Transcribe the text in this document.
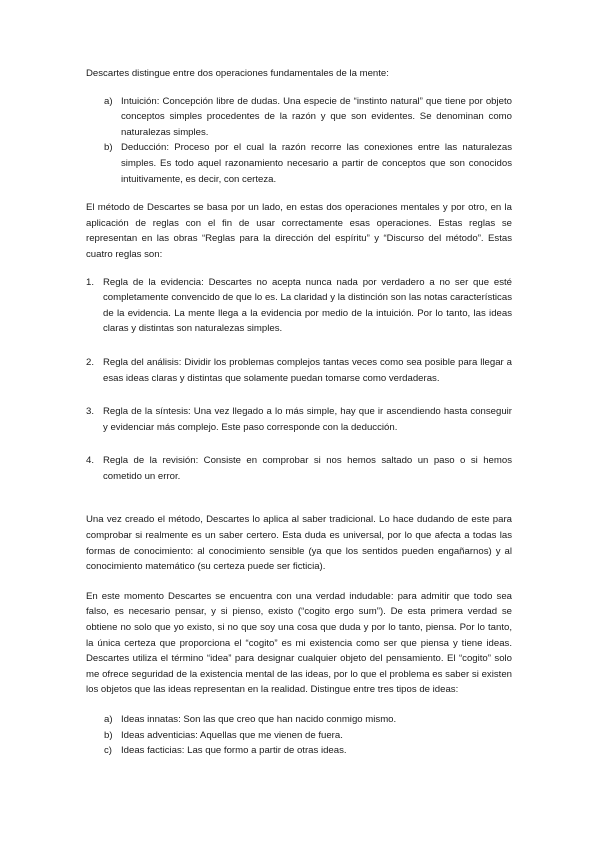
Descartes distingue entre dos operaciones fundamentales de la mente:

a) Intuición: Concepción libre de dudas. Una especie de “instinto natural” que tiene por objeto conceptos simples procedentes de la razón y que son evidentes. Se denominan como naturalezas simples.
b) Deducción: Proceso por el cual la razón recorre las conexiones entre las naturalezas simples. Es todo aquel razonamiento necesario a partir de conceptos que son conocidos intuitivamente, es decir, con certeza.

El método de Descartes se basa por un lado, en estas dos operaciones mentales y por otro, en la aplicación de reglas con el fin de usar correctamente esas operaciones. Estas reglas se representan en las obras “Reglas para la dirección del espíritu” y “Discurso del método”. Estas cuatro reglas son:

1. Regla de la evidencia: Descartes no acepta nunca nada por verdadero a no ser que esté completamente convencido de que lo es. La claridad y la distinción son las notas características de la evidencia. La mente llega a la evidencia por medio de la intuición. Por lo tanto, las ideas claras y distintas son naturalezas simples.
2. Regla del análisis: Dividir los problemas complejos tantas veces como sea posible para llegar a esas ideas claras y distintas que solamente puedan tomarse como verdaderas.
3. Regla de la síntesis: Una vez llegado a lo más simple, hay que ir ascendiendo hasta conseguir y evidenciar más complejo. Este paso corresponde con la deducción.
4. Regla de la revisión: Consiste en comprobar si nos hemos saltado un paso o si hemos cometido un error.

Una vez creado el método, Descartes lo aplica al saber tradicional. Lo hace dudando de este para comprobar si realmente es un saber certero. Esta duda es universal, por lo que afecta a todas las formas de conocimiento: al conocimiento sensible (ya que los sentidos pueden engañarnos) y al conocimiento matemático (su certeza puede ser ficticia).

En este momento Descartes se encuentra con una verdad indudable: para admitir que todo sea falso, es necesario pensar, y si pienso, existo (“cogito ergo sum”). De esta primera verdad se obtiene no solo que yo existo, si no que soy una cosa que duda y por lo tanto, piensa. Por lo tanto, la única certeza que proporciona el “cogito” es mi existencia como ser que piensa y tiene ideas. Descartes utiliza el término “idea” para designar cualquier objeto del pensamiento. El “cogito” solo me ofrece seguridad de la existencia mental de las ideas, por lo que el problema es saber si existen los objetos que las ideas representan en la realidad. Distingue entre tres tipos de ideas:

a) Ideas innatas: Son las que creo que han nacido conmigo mismo.
b) Ideas adventicias: Aquellas que me vienen de fuera.
c) Ideas facticias: Las que formo a partir de otras ideas.
